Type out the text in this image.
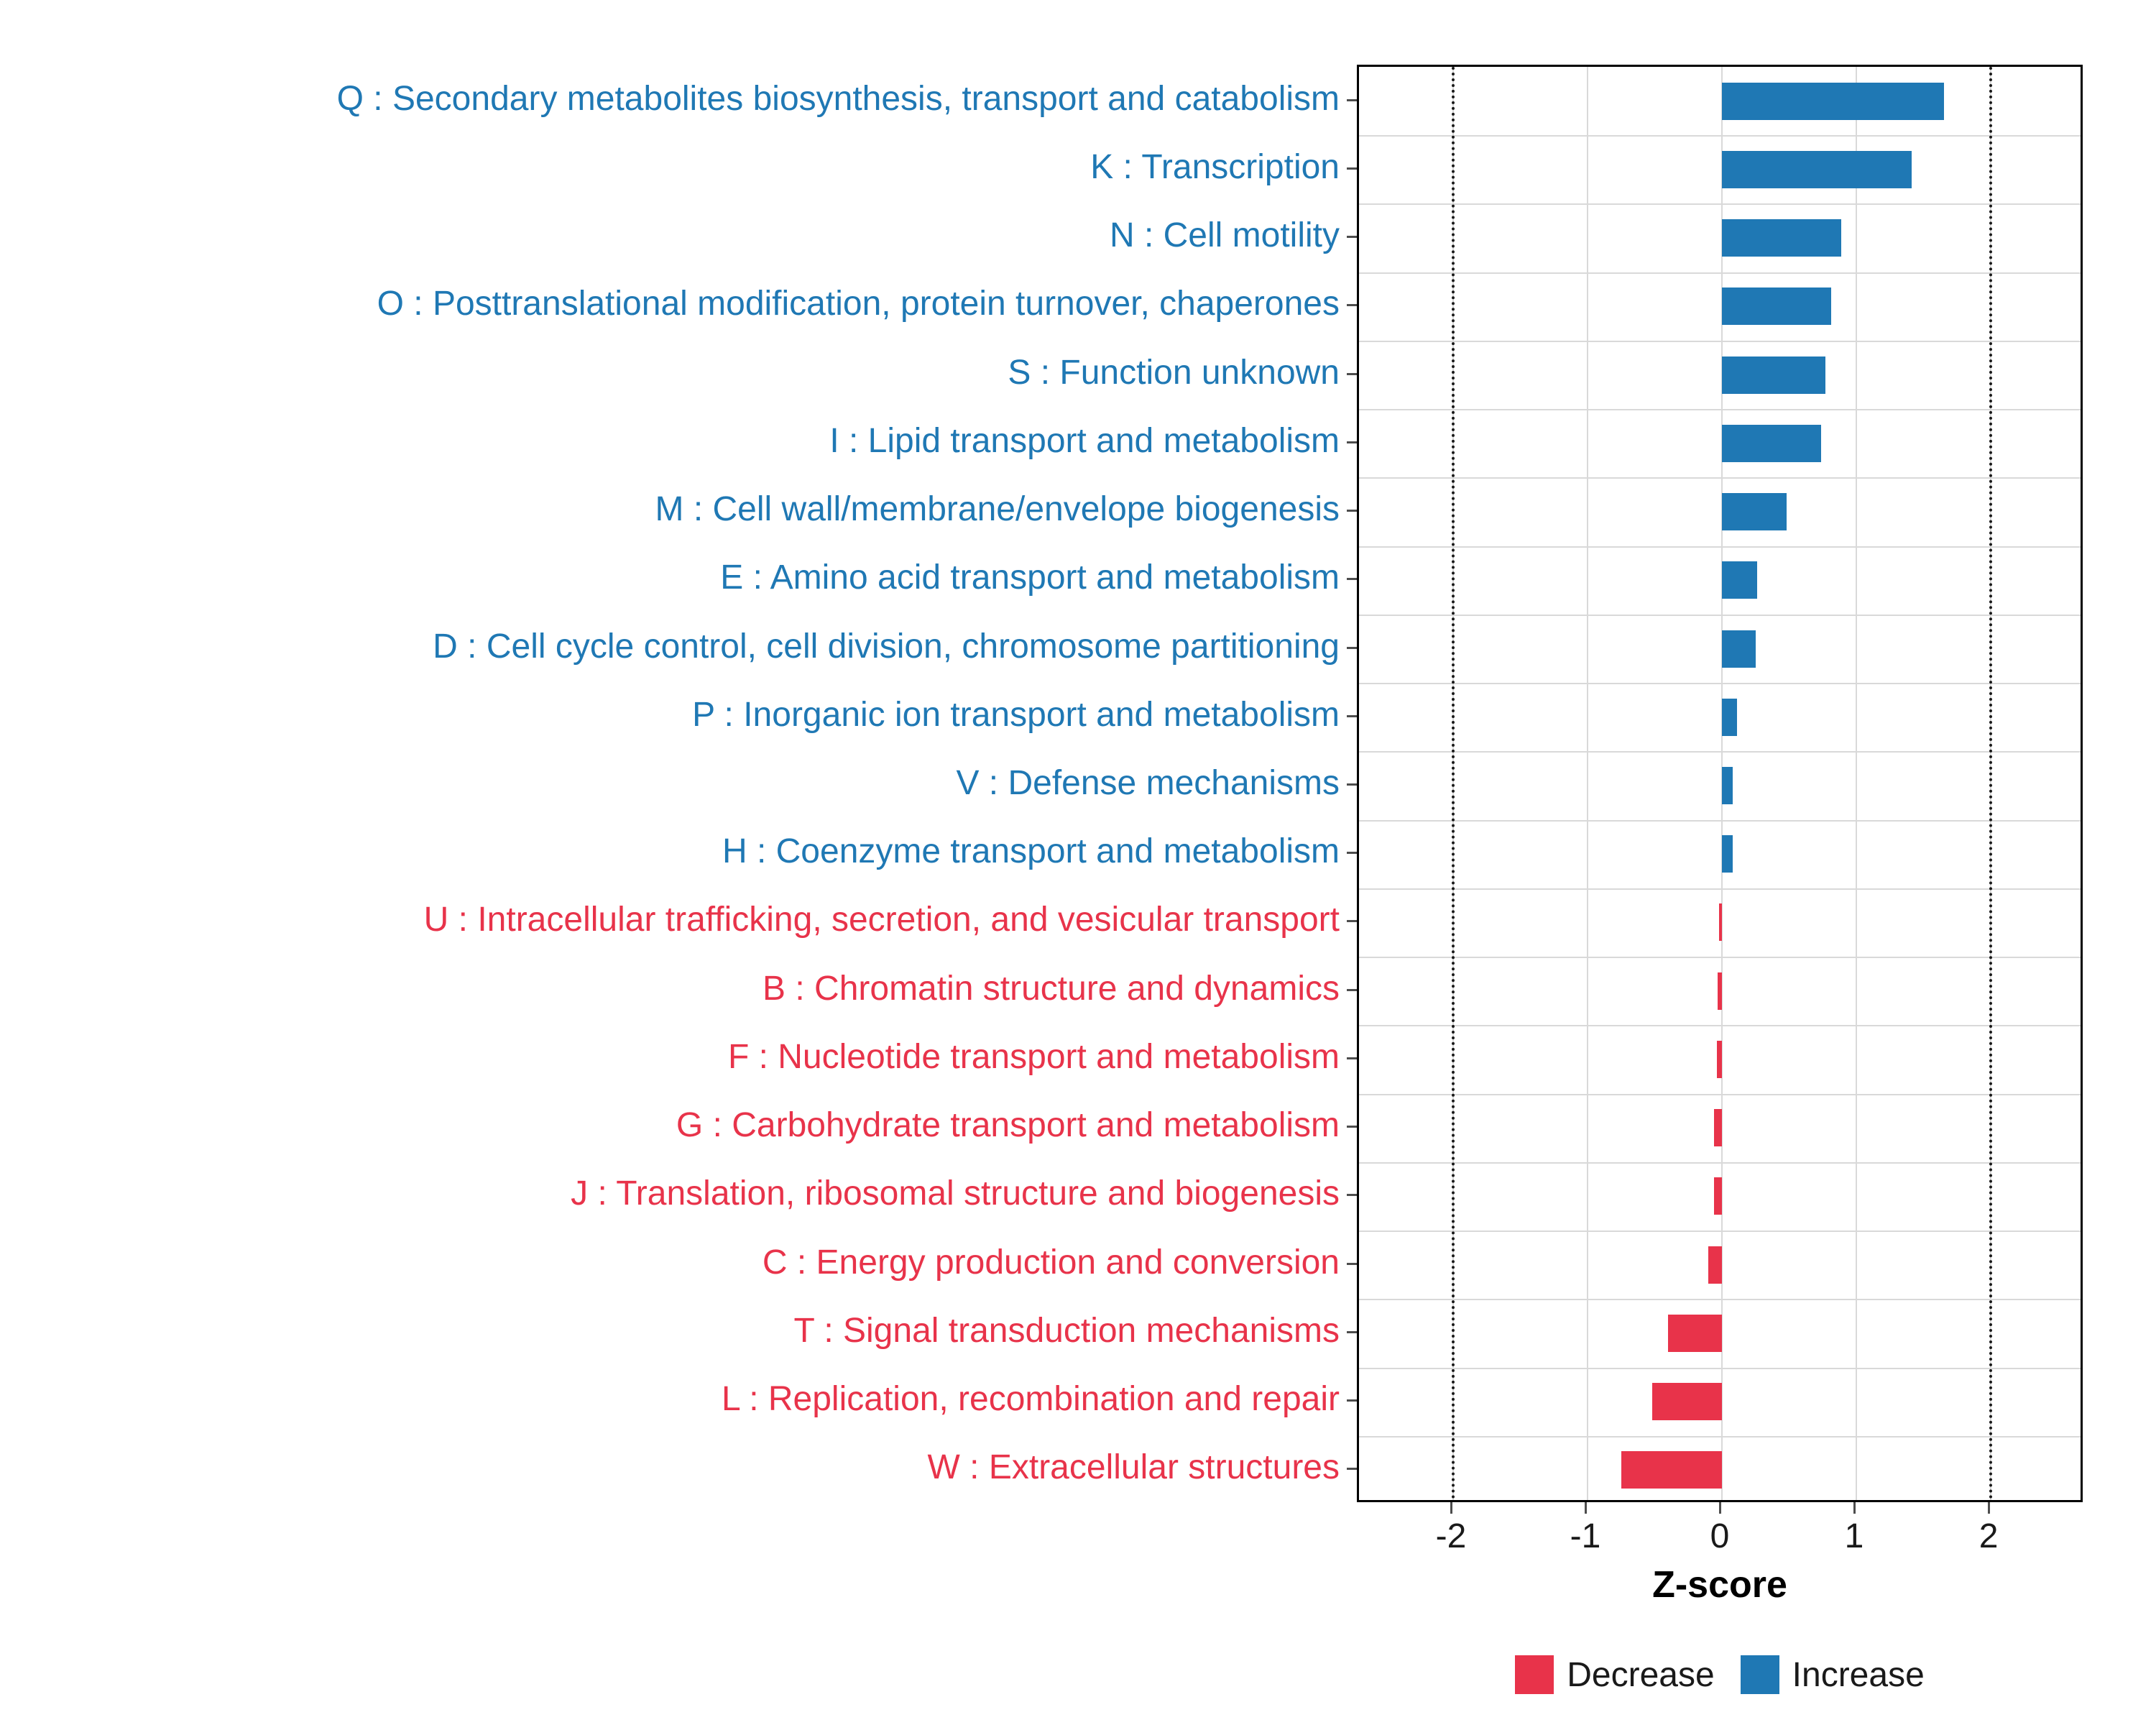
Q : Secondary metabolites biosynthesis, transport and catabolism
K : Transcription
N : Cell motility
O : Posttranslational modification, protein turnover, chaperones
S : Function unknown
I : Lipid transport and metabolism
M : Cell wall/membrane/envelope biogenesis
E : Amino acid transport and metabolism
D : Cell cycle control, cell division, chromosome partitioning
P : Inorganic ion transport and metabolism
V : Defense mechanisms
H : Coenzyme transport and metabolism
U : Intracellular trafficking, secretion, and vesicular transport
B : Chromatin structure and dynamics
F : Nucleotide transport and metabolism
G : Carbohydrate transport and metabolism
J : Translation, ribosomal structure and biogenesis
C : Energy production and conversion
T : Signal transduction mechanisms
L : Replication, recombination and repair
W : Extracellular structures
-2	-1	0	1	2
Z-score
Decrease Increase
